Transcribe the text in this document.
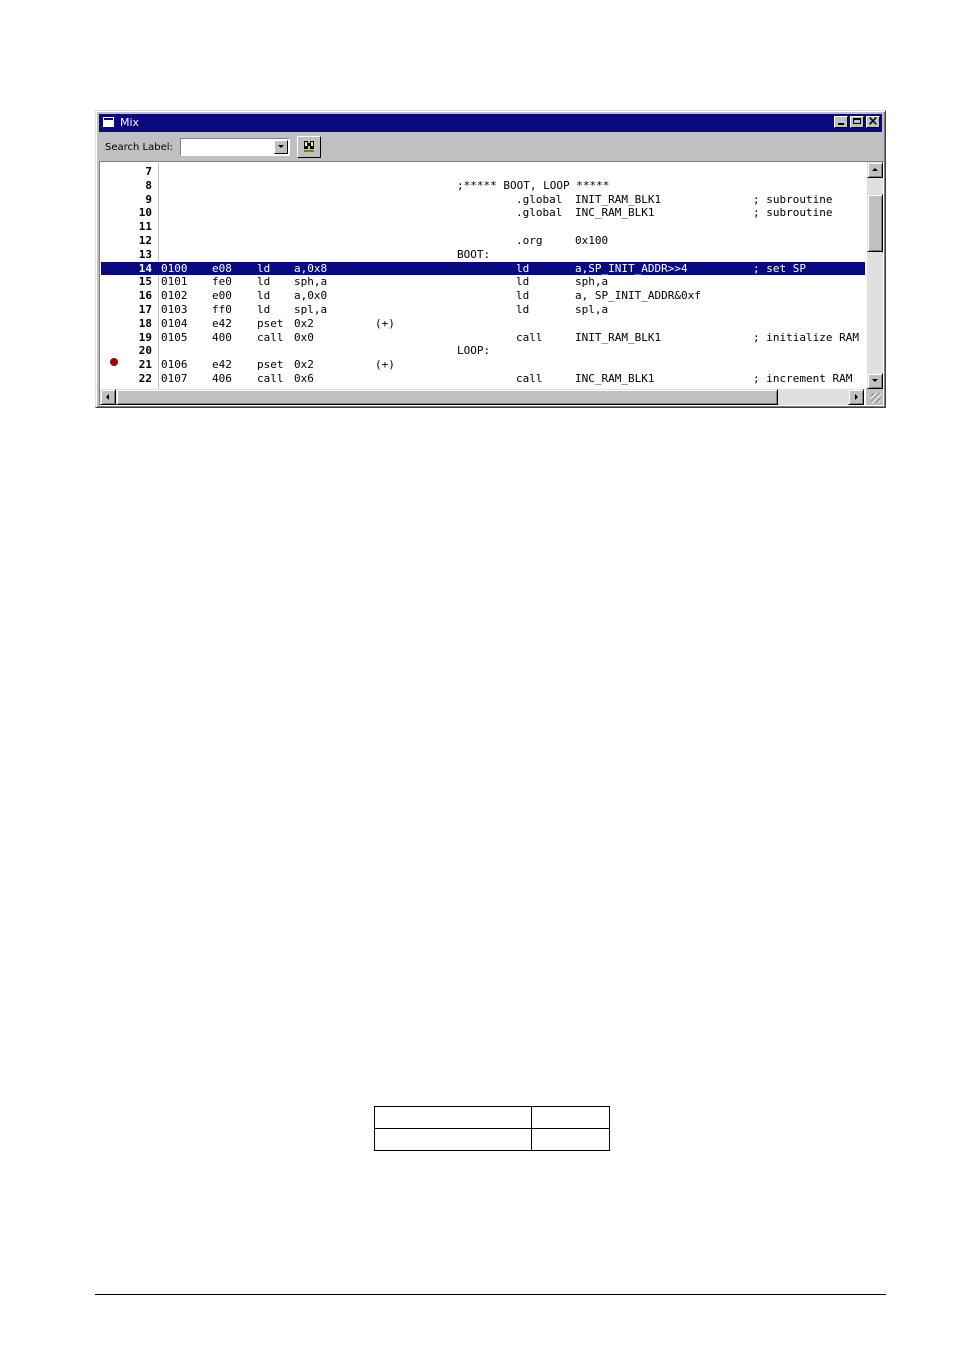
Mix
×
Search Label:
7
8	;***** BOOT, LOOP *****
9	.global INIT_RAM_BLK1	; subroutine
10	.global INC_RAM_BLK1	; subroutine
11
12	.org	0x100
13	BOOT:
14 0100 e08 ld a,0x8	ld	a,SP_INIT_ADDR>>4	; set SP
15 0101 fe0 ld sph,a	ld	sph,a
16 0102 e00 ld a,0x0	ld	a, SP_INIT_ADDR&0xf
17 0103 ff0 ld spl,a	ld	spl,a
18 0104 e42 pset 0x2	(+)
19 0105 400 call 0x0	call	INIT_RAM_BLK1	; initialize RAM
20	LOOP:
21 0106 e42 pset 0x2	(+)
22 0107 406 call 0x6	call	INC_RAM_BLK1	; increment RAM
